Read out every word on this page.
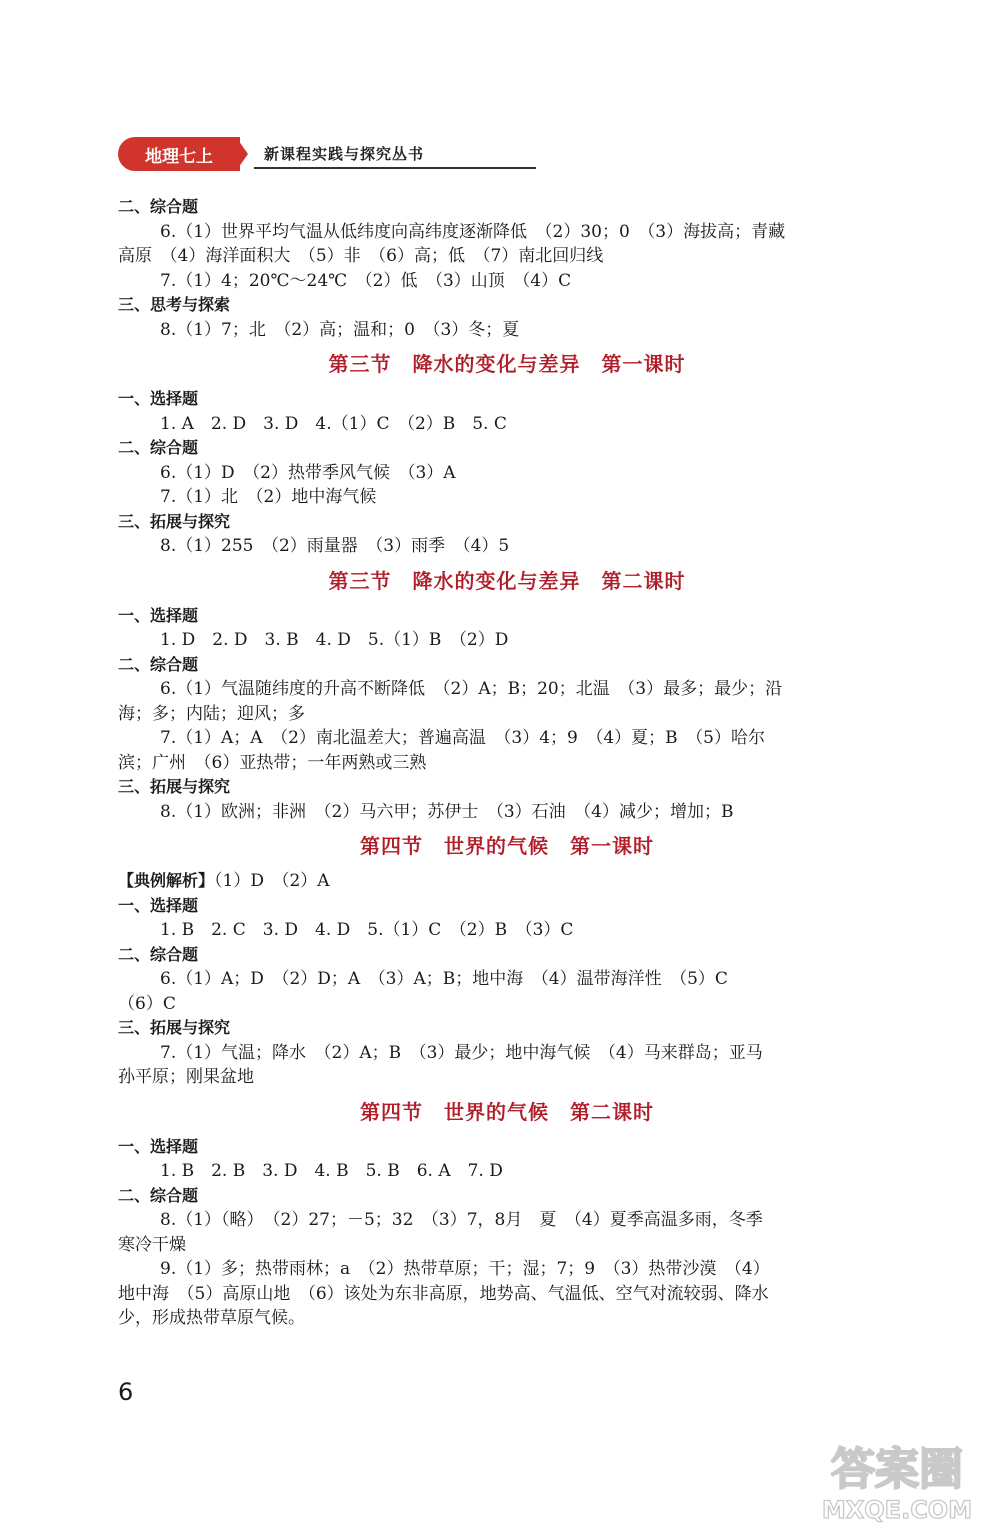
地理七上	新课程实践与探究丛书
二、综合题
6.（1）世界平均气温从低纬度向高纬度逐渐降低　（2）30；0　（3）海拔高；青藏
高原　（4）海洋面积大　（5）非　（6）高；低　（7）南北回归线
7.（1）4；20℃～24℃　（2）低　（3）山顶　（4）C
三、思考与探索
8.（1）7；北　（2）高；温和；0　（3）冬；夏
第三节　降水的变化与差异　第一课时
一、选择题
1. A　2. D　3. D　4.（1）C　（2）B　5. C
二、综合题
6.（1）D　（2）热带季风气候　（3）A
7.（1）北　（2）地中海气候
三、拓展与探究
8.（1）255　（2）雨量器　（3）雨季　（4）5
第三节　降水的变化与差异　第二课时
一、选择题
1. D　2. D　3. B　4. D　5.（1）B　（2）D
二、综合题
6.（1）气温随纬度的升高不断降低　（2）A；B；20；北温　（3）最多；最少；沿
海；多；内陆；迎风；多
7.（1）A；A　（2）南北温差大；普遍高温　（3）4；9　（4）夏；B　（5）哈尔
滨；广州　（6）亚热带；一年两熟或三熟
三、拓展与探究
8.（1）欧洲；非洲　（2）马六甲；苏伊士　（3）石油　（4）减少；增加；B
第四节　世界的气候　第一课时
【典例解析】（1）D　（2）A
一、选择题
1. B　2. C　3. D　4. D　5.（1）C　（2）B　（3）C
二、综合题
6.（1）A；D　（2）D；A　（3）A；B；地中海　（4）温带海洋性　（5）C
（6）C
三、拓展与探究
7.（1）气温；降水　（2）A；B　（3）最少；地中海气候　（4）马来群岛；亚马
孙平原；刚果盆地
第四节　世界的气候　第二课时
一、选择题
1. B　2. B　3. D　4. B　5. B　6. A　7. D
二、综合题
8.（1）（略）　（2）27；－5；32　（3）7，8月　夏　（4）夏季高温多雨，冬季
寒冷干燥
9.（1）多；热带雨林；a　（2）热带草原；干；湿；7；9　（3）热带沙漠　（4）
地中海　（5）高原山地　（6）该处为东非高原，地势高、气温低、空气对流较弱、降水
少，形成热带草原气候。
6
答案圈
MXQE.COM
